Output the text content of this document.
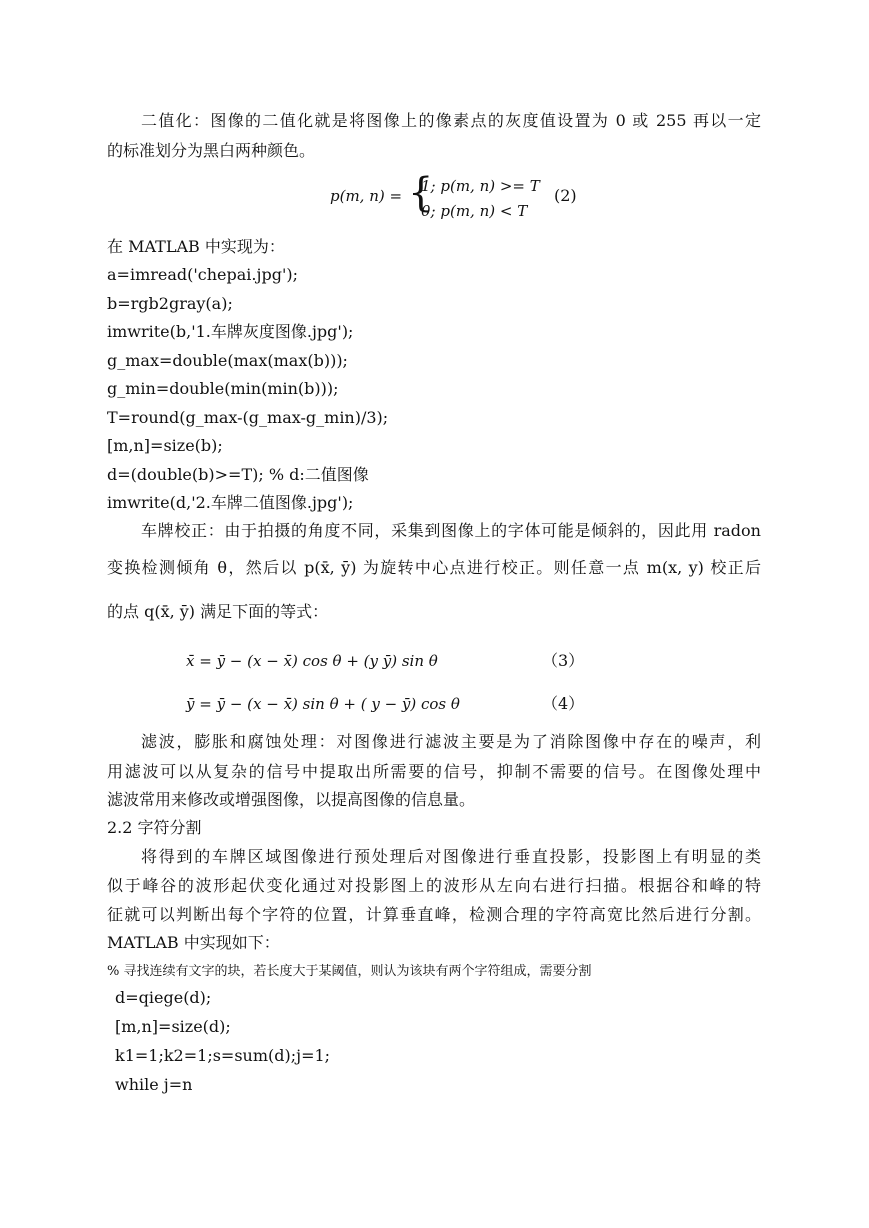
二值化：图像的二值化就是将图像上的像素点的灰度值设置为 0 或 255 再以一定
的标准划分为黑白两种颜色。
p(m, n) = {
1; p(m, n) >= T
0; p(m, n) < T
(2)
在 MATLAB 中实现为：
a=imread('chepai.jpg');
b=rgb2gray(a);
imwrite(b,'1.车牌灰度图像.jpg');
g_max=double(max(max(b)));
g_min=double(min(min(b)));
T=round(g_max-(g_max-g_min)/3);
[m,n]=size(b);
d=(double(b)>=T); % d:二值图像
imwrite(d,'2.车牌二值图像.jpg');
车牌校正：由于拍摄的角度不同，采集到图像上的字体可能是倾斜的，因此用 radon
变换检测倾角 θ，然后以 p(x̄, ȳ) 为旋转中心点进行校正。则任意一点 m(x, y) 校正后
的点 q(x̄, ȳ) 满足下面的等式：
x̄ = ȳ − (x − x̄) cos θ + (y ȳ) sin θ	（3）
ȳ = ȳ − (x − x̄) sin θ + ( y − ȳ) cos θ	（4）
滤波，膨胀和腐蚀处理：对图像进行滤波主要是为了消除图像中存在的噪声，利
用滤波可以从复杂的信号中提取出所需要的信号，抑制不需要的信号。在图像处理中
滤波常用来修改或增强图像，以提高图像的信息量。
2.2 字符分割
将得到的车牌区域图像进行预处理后对图像进行垂直投影，投影图上有明显的类
似于峰谷的波形起伏变化通过对投影图上的波形从左向右进行扫描。根据谷和峰的特
征就可以判断出每个字符的位置，计算垂直峰，检测合理的字符高宽比然后进行分割。
MATLAB 中实现如下：
% 寻找连续有文字的块，若长度大于某阈值，则认为该块有两个字符组成，需要分割
d=qiege(d);
[m,n]=size(d);
k1=1;k2=1;s=sum(d);j=1;
while j=n
